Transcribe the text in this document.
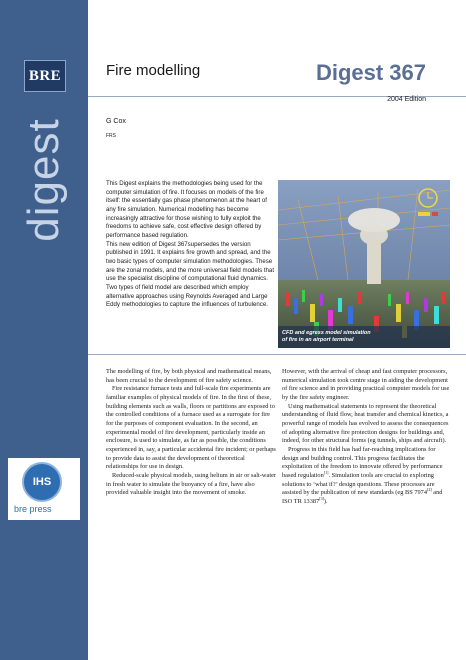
BRE
digest
IHS
bre press
Fire modelling	Digest 367
2004 Edition
G Cox
FRS

This Digest explains the methodologies being used for the computer simulation of fire. It focuses on models of the fire itself: the essentially gas phase phenomenon at the heart of any fire simulation. Numerical modelling has become increasingly attractive for those wishing to fully exploit the freedoms to achieve safe, cost effective design offered by performance based regulation.

This new edition of Digest 367supersedes the version published in 1991. It explains fire growth and spread, and the two basic types of computer simulation methodologies. These are the zonal models, and the more universal field models that use the specialist discipline of computational fluid dynamics. Two types of field model are described which employ alternative approaches using Reynolds Averaged and Large Eddy methodologies to capture the influences of turbulence.

CFD and egress model simulation
of fire in an airport terminal

The modelling of fire, by both physical and mathematical means, has been crucial to the development of fire safety science.

Fire resistance furnace tests and full-scale fire experiments are familiar examples of physical models of fire. In the first of these, building elements such as walls, floors or partitions are exposed to the controlled conditions of a furnace used as a surrogate for fire for the purposes of component evaluation. In the second, an experimental model of fire development, particularly inside an enclosure, is used to simulate, as far as possible, the conditions experienced in, say, a particular accidental fire incident; or perhaps to provide data to assist the development of theoretical relationships for use in design.

Reduced-scale physical models, using helium in air or salt-water in fresh water to simulate the buoyancy of a fire, have also provided valuable insight into the movement of smoke.

However, with the arrival of cheap and fast computer processors, numerical simulation took centre stage in aiding the development of fire science and in providing practical computer models for use by the fire safety engineer.

Using mathematical statements to represent the theoretical understanding of fluid flow, heat transfer and chemical kinetics, a powerful range of models has evolved to assess the consequences of adopting alternative fire protection designs for buildings and, indeed, for other structural forms (eg tunnels, ships and aircraft).

Progress in this field has had far-reaching implications for design and building control. This progress facilitates the exploitation of the freedom to innovate offered by performance based regulation[1]. Simulation tools are crucial to exploring solutions to ‘what if?’ design questions. These processes are assisted by the publication of new standards (eg BS 7974[2] and ISO TR 13387[3]).
